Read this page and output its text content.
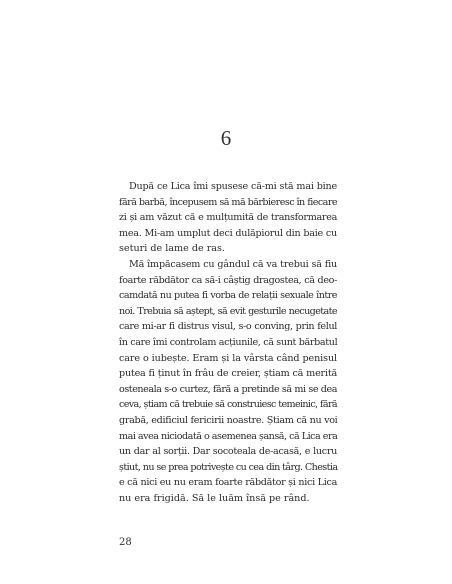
6
După ce Lica îmi spusese că-mi stă mai bine
fără barbă, începusem să mă bărbieresc în fiecare
zi și am văzut că e mulțumită de transformarea
mea. Mi-am umplut deci dulăpiorul din baie cu
seturi de lame de ras.
Mă împăcasem cu gândul că va trebui să fiu
foarte răbdător ca să-i câștig dragostea, că deo-
camdată nu putea fi vorba de relații sexuale între
noi. Trebuia să aștept, să evit gesturile necugetate
care mi-ar fi distrus visul, s-o conving, prin felul
în care îmi controlam acțiunile, că sunt bărbatul
care o iubește. Eram și la vârsta când penisul
putea fi ținut în frâu de creier, știam că merită
osteneala s-o curtez, fără a pretinde să mi se dea
ceva, știam că trebuie să construiesc temeinic, fără
grabă, edificiul fericirii noastre. Știam că nu voi
mai avea niciodată o asemenea șansă, că Lica era
un dar al sorții. Dar socoteala de-acasă, e lucru
știut, nu se prea potrivește cu cea din târg. Chestia
e că nici eu nu eram foarte răbdător și nici Lica
nu era frigidă. Să le luăm însă pe rând.
28
